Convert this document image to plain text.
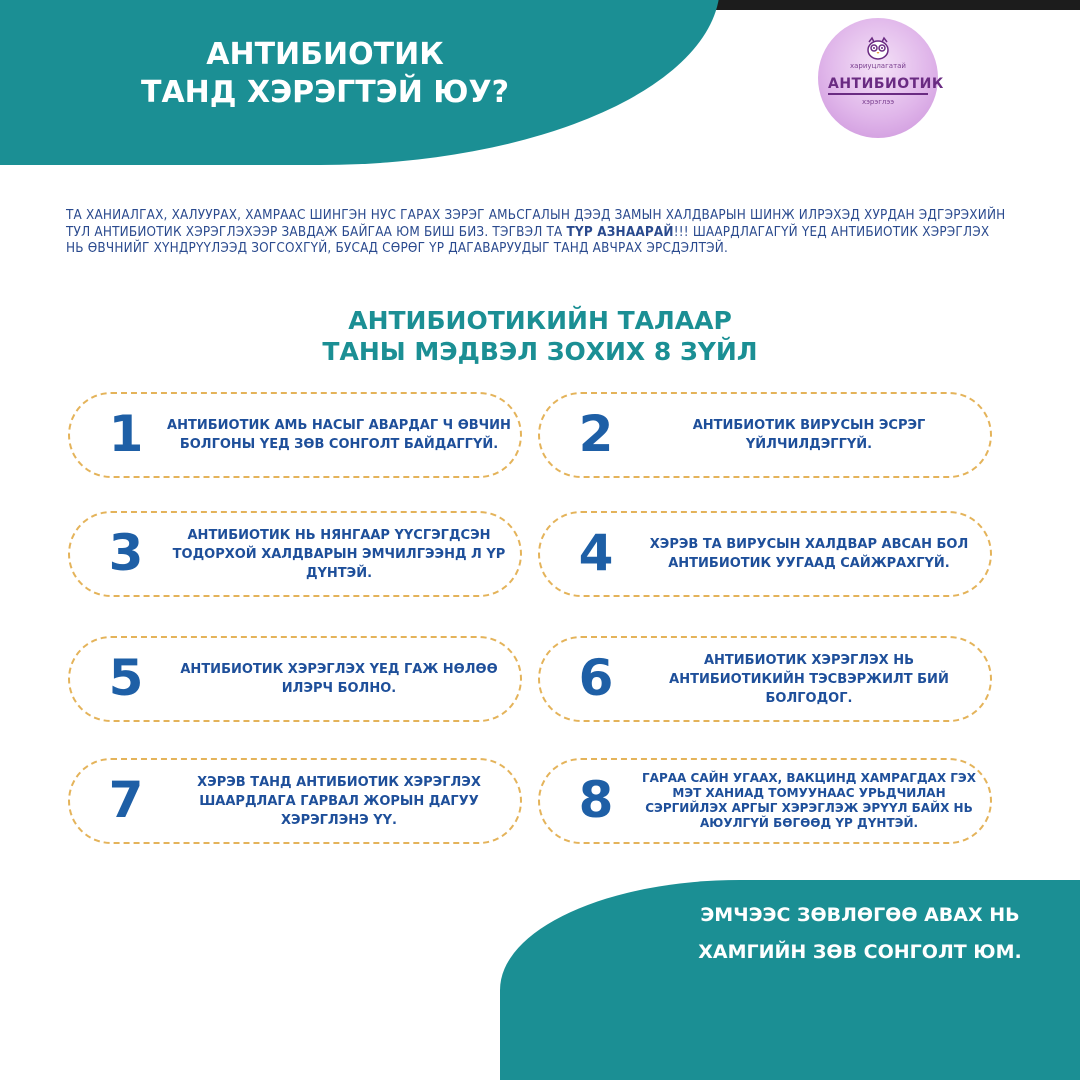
АНТИБИОТИК
ТАНД ХЭРЭГТЭЙ ЮУ?
хариуцлагатай
АНТИБИОТИК
хэрэглээ
ТА ХАНИАЛГАХ, ХАЛУУРАХ, ХАМРААС ШИНГЭН НУС ГАРАХ ЗЭРЭГ АМЬСГАЛЫН ДЭЭД ЗАМЫН ХАЛДВАРЫН ШИНЖ ИЛРЭХЭД ХУРДАН ЭДГЭРЭХИЙН ТУЛ АНТИБИОТИК ХЭРЭГЛЭХЭЭР ЗАВДАЖ БАЙГАА ЮМ БИШ БИЗ. ТЭГВЭЛ ТА ТҮР АЗНААРАЙ!!! ШААРДЛАГАГҮЙ ҮЕД АНТИБИОТИК ХЭРЭГЛЭХ НЬ ӨВЧНИЙГ ХҮНДРҮҮЛЭЭД ЗОГСОХГҮЙ, БУСАД СӨРӨГ ҮР ДАГАВАРУУДЫГ ТАНД АВЧРАХ ЭРСДЭЛТЭЙ.
АНТИБИОТИКИЙН ТАЛААР
ТАНЫ МЭДВЭЛ ЗОХИХ 8 ЗҮЙЛ
1	АНТИБИОТИК АМЬ НАСЫГ АВАРДАГ Ч ӨВЧИН БОЛГОНЫ ҮЕД ЗӨВ СОНГОЛТ БАЙДАГГҮЙ. 2	АНТИБИОТИК ВИРУСЫН ЭСРЭГ ҮЙЛЧИЛДЭГГҮЙ.
3	АНТИБИОТИК НЬ НЯНГААР ҮҮСГЭГДСЭН ТОДОРХОЙ ХАЛДВАРЫН ЭМЧИЛГЭЭНД Л ҮР ДҮНТЭЙ.	4	ХЭРЭВ ТА ВИРУСЫН ХАЛДВАР АВСАН БОЛ АНТИБИОТИК УУГААД САЙЖРАХГҮЙ.
5	АНТИБИОТИК ХЭРЭГЛЭХ ҮЕД ГАЖ НӨЛӨӨ ИЛЭРЧ БОЛНО.	6	АНТИБИОТИК ХЭРЭГЛЭХ НЬ АНТИБИОТИКИЙН ТЭСВЭРЖИЛТ БИЙ БОЛГОДОГ.
7	ХЭРЭВ ТАНД АНТИБИОТИК ХЭРЭГЛЭХ ШААРДЛАГА ГАРВАЛ ЖОРЫН ДАГУУ ХЭРЭГЛЭНЭ ҮҮ.	8	ГАРАА САЙН УГААХ, ВАКЦИНД ХАМРАГДАХ ГЭХ МЭТ ХАНИАД ТОМУУНААС УРЬДЧИЛАН СЭРГИЙЛЭХ АРГЫГ ХЭРЭГЛЭЖ ЭРҮҮЛ БАЙХ НЬ АЮУЛГҮЙ БӨГӨӨД ҮР ДҮНТЭЙ.
ЭМЧЭЭС ЗӨВЛӨГӨӨ АВАХ НЬ
ХАМГИЙН ЗӨВ СОНГОЛТ ЮМ.
